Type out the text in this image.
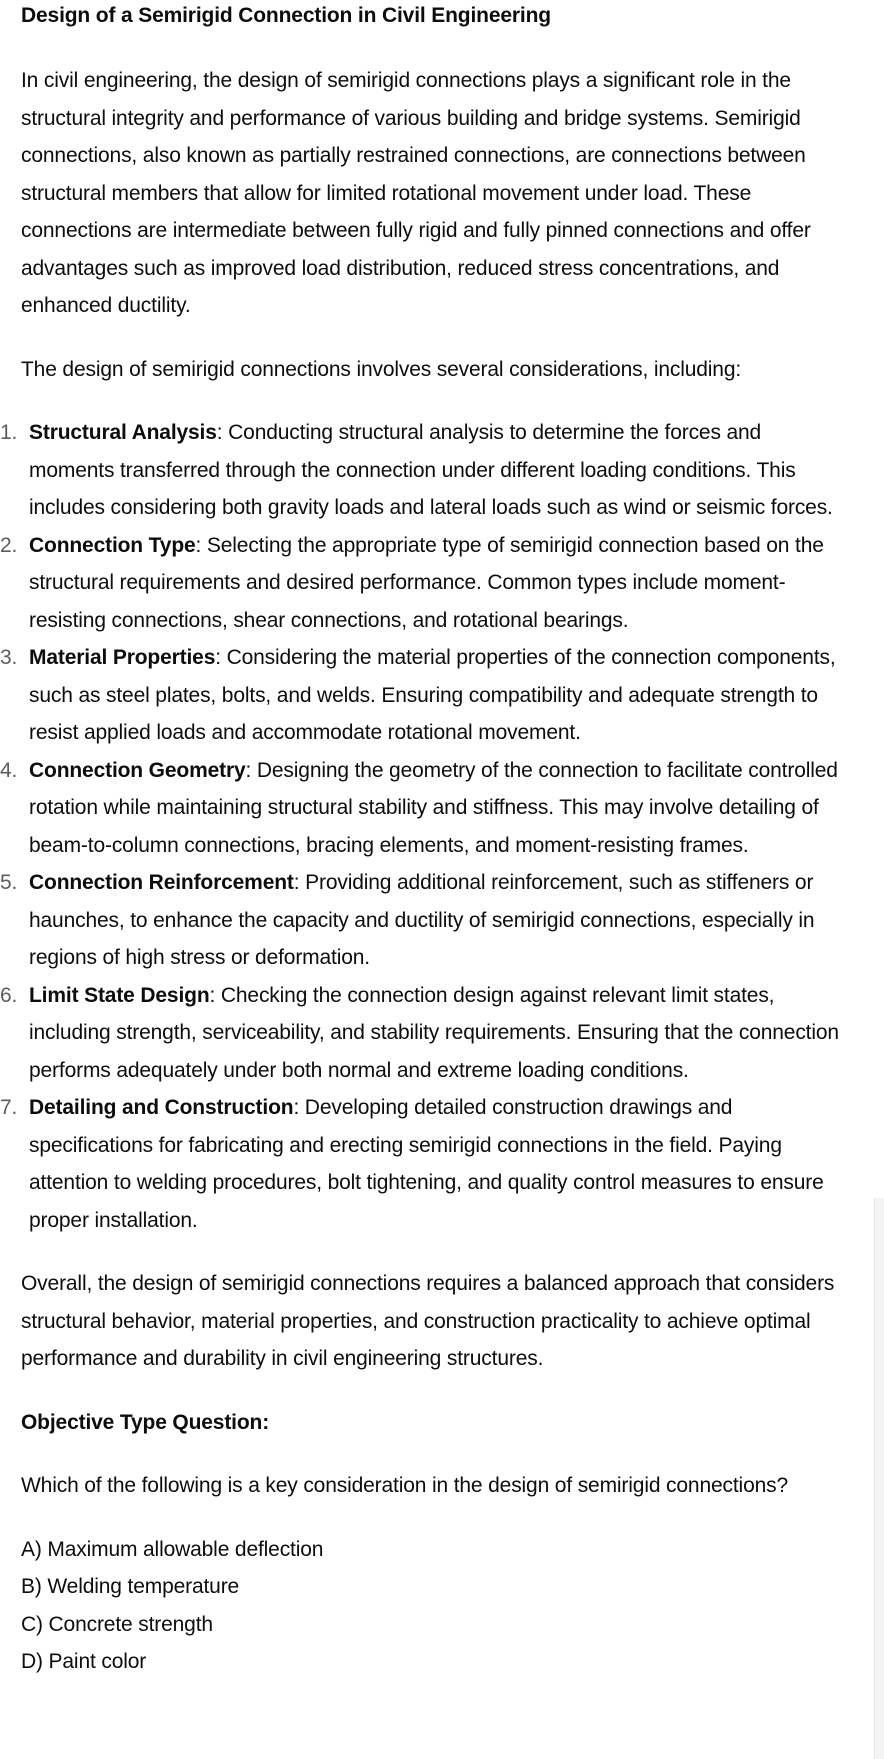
Design of a Semirigid Connection in Civil Engineering

In civil engineering, the design of semirigid connections plays a significant role in the structural integrity and performance of various building and bridge systems. Semirigid connections, also known as partially restrained connections, are connections between structural members that allow for limited rotational movement under load. These connections are intermediate between fully rigid and fully pinned connections and offer advantages such as improved load distribution, reduced stress concentrations, and enhanced ductility.

The design of semirigid connections involves several considerations, including:

1. Structural Analysis: Conducting structural analysis to determine the forces and moments transferred through the connection under different loading conditions. This includes considering both gravity loads and lateral loads such as wind or seismic forces.
2. Connection Type: Selecting the appropriate type of semirigid connection based on the structural requirements and desired performance. Common types include moment-resisting connections, shear connections, and rotational bearings.
3. Material Properties: Considering the material properties of the connection components, such as steel plates, bolts, and welds. Ensuring compatibility and adequate strength to resist applied loads and accommodate rotational movement.
4. Connection Geometry: Designing the geometry of the connection to facilitate controlled rotation while maintaining structural stability and stiffness. This may involve detailing of beam-to-column connections, bracing elements, and moment-resisting frames.
5. Connection Reinforcement: Providing additional reinforcement, such as stiffeners or haunches, to enhance the capacity and ductility of semirigid connections, especially in regions of high stress or deformation.
6. Limit State Design: Checking the connection design against relevant limit states, including strength, serviceability, and stability requirements. Ensuring that the connection performs adequately under both normal and extreme loading conditions.
7. Detailing and Construction: Developing detailed construction drawings and specifications for fabricating and erecting semirigid connections in the field. Paying attention to welding procedures, bolt tightening, and quality control measures to ensure proper installation.

Overall, the design of semirigid connections requires a balanced approach that considers structural behavior, material properties, and construction practicality to achieve optimal performance and durability in civil engineering structures.

Objective Type Question:

Which of the following is a key consideration in the design of semirigid connections?

A) Maximum allowable deflection

B) Welding temperature

C) Concrete strength

D) Paint color
